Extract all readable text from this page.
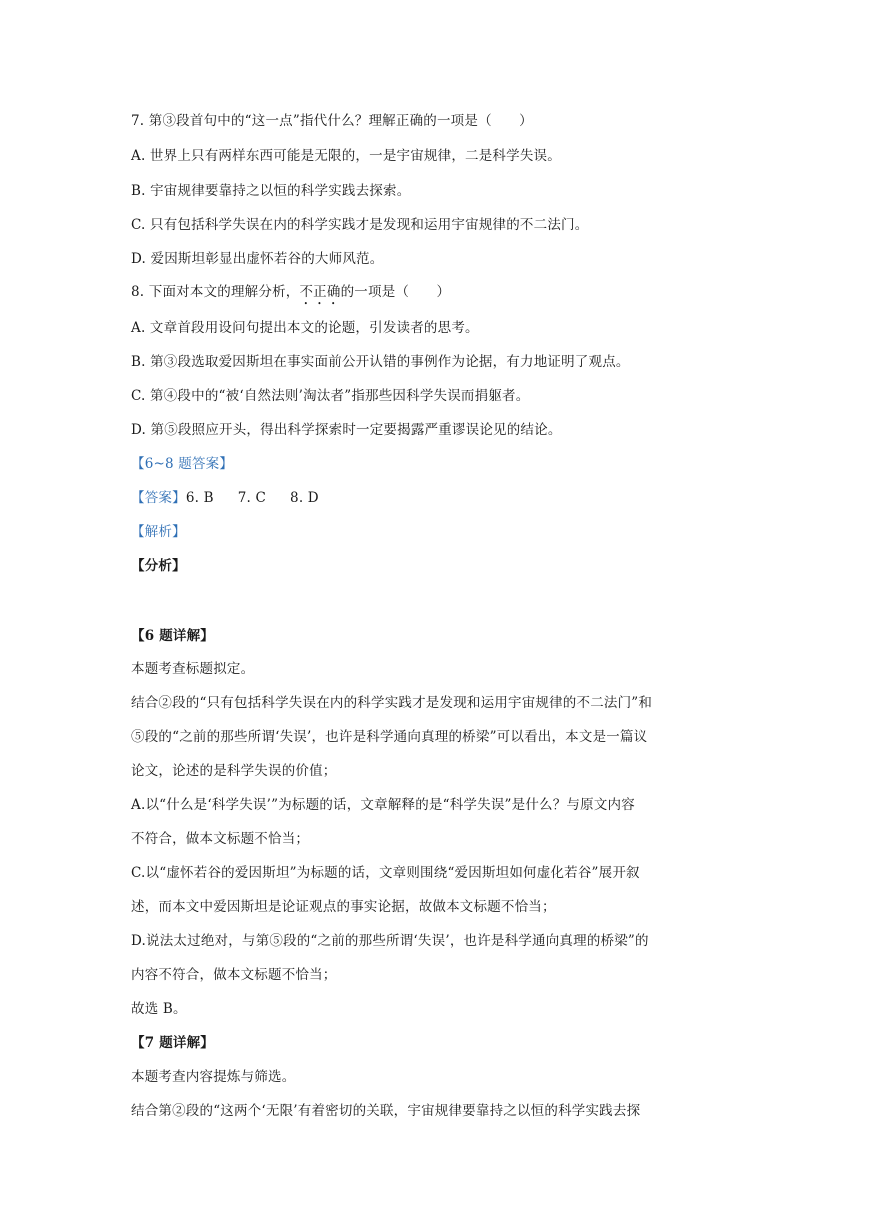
7. 第③段首句中的“这一点”指代什么？理解正确的一项是（　　）
A. 世界上只有两样东西可能是无限的，一是宇宙规律，二是科学失误。
B. 宇宙规律要靠持之以恒的科学实践去探索。
C. 只有包括科学失误在内的科学实践才是发现和运用宇宙规律的不二法门。
D. 爱因斯坦彰显出虚怀若谷的大师风范。
8. 下面对本文的理解分析，不正确的一项是（　　）
A. 文章首段用设问句提出本文的论题，引发读者的思考。
B. 第③段选取爱因斯坦在事实面前公开认错的事例作为论据，有力地证明了观点。
C. 第④段中的“被‘自然法则’淘汰者”指那些因科学失误而捐躯者。
D. 第⑤段照应开头，得出科学探索时一定要揭露严重谬误论见的结论。
【6~8 题答案】
【答案】6. B 7. C 8. D
【解析】
【分析】
【6 题详解】
本题考查标题拟定。
结合②段的“只有包括科学失误在内的科学实践才是发现和运用宇宙规律的不二法门”和
⑤段的“之前的那些所谓‘失误’，也许是科学通向真理的桥梁”可以看出，本文是一篇议
论文，论述的是科学失误的价值；
A.以“什么是‘科学失误’”为标题的话，文章解释的是“科学失误”是什么？与原文内容
不符合，做本文标题不恰当；
C.以“虚怀若谷的爱因斯坦”为标题的话，文章则围绕“爱因斯坦如何虚化若谷”展开叙
述，而本文中爱因斯坦是论证观点的事实论据，故做本文标题不恰当；
D.说法太过绝对，与第⑤段的“之前的那些所谓‘失误’，也许是科学通向真理的桥梁”的
内容不符合，做本文标题不恰当；
故选 B。
【7 题详解】
本题考查内容提炼与筛选。
结合第②段的“这两个‘无限’有着密切的关联，宇宙规律要靠持之以恒的科学实践去探
